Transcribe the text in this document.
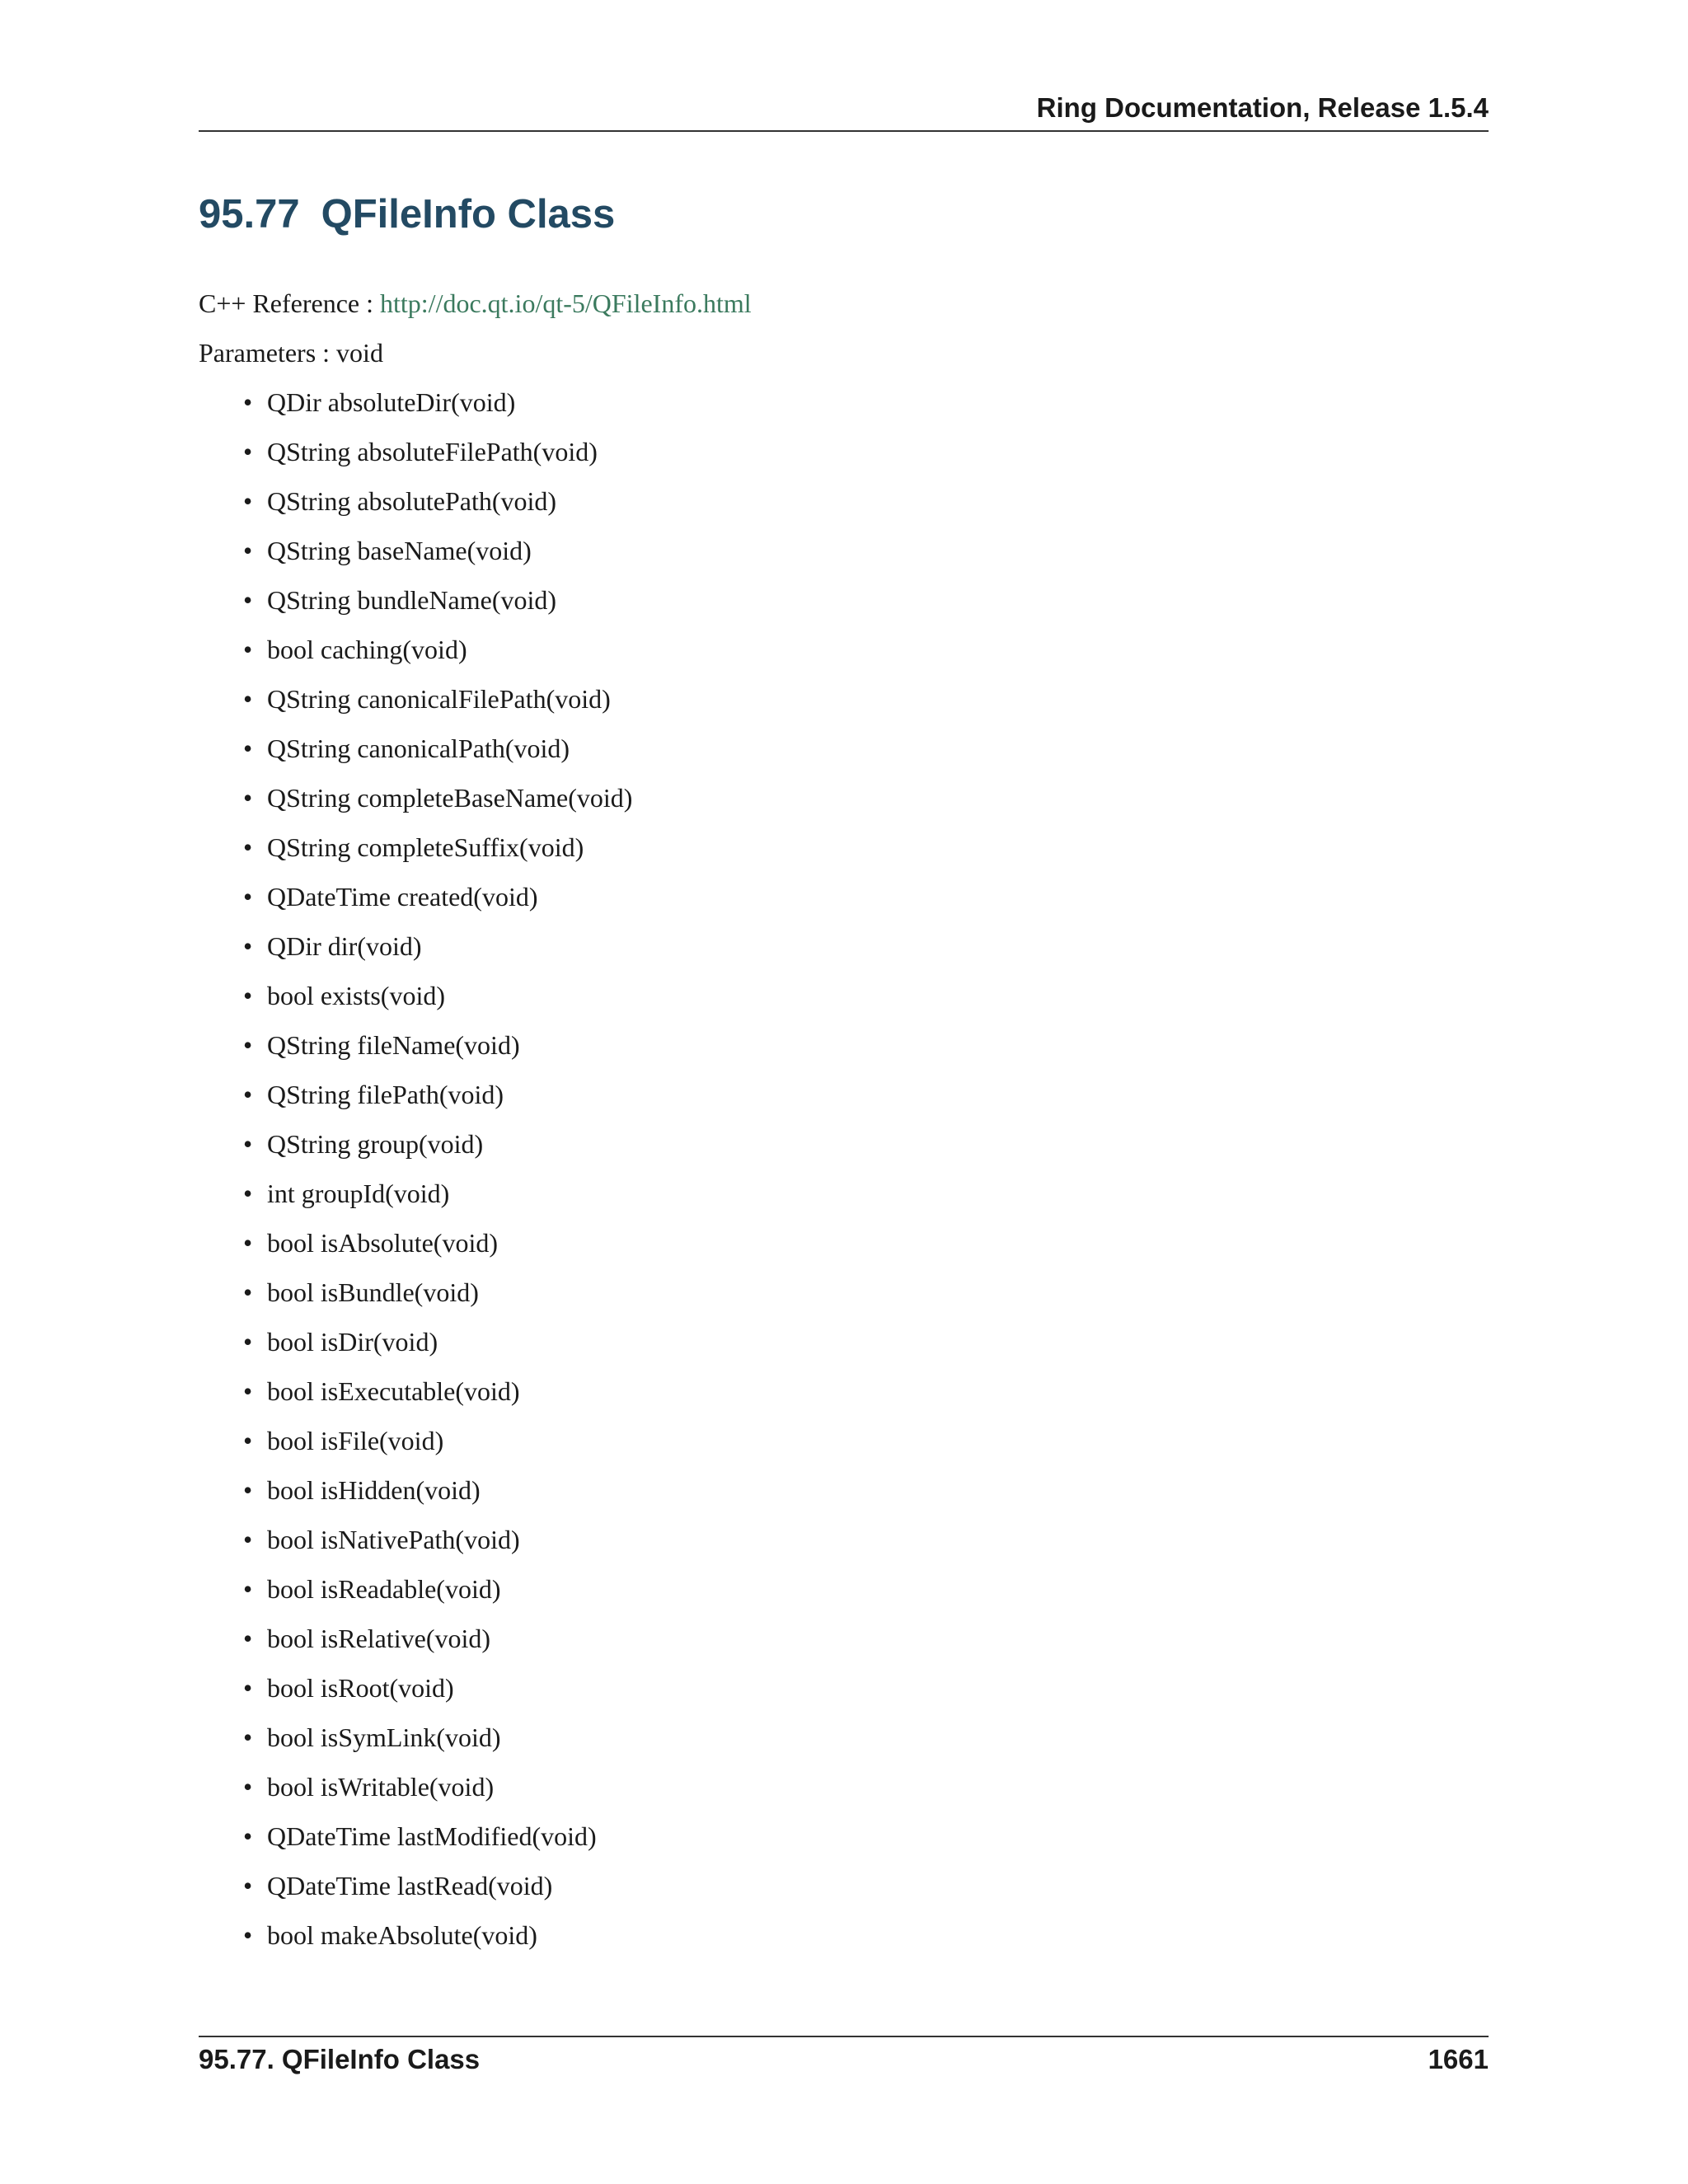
Ring Documentation, Release 1.5.4
95.77 QFileInfo Class
C++ Reference : http://doc.qt.io/qt-5/QFileInfo.html
Parameters : void
• QDir absoluteDir(void)
• QString absoluteFilePath(void)
• QString absolutePath(void)
• QString baseName(void)
• QString bundleName(void)
• bool caching(void)
• QString canonicalFilePath(void)
• QString canonicalPath(void)
• QString completeBaseName(void)
• QString completeSuffix(void)
• QDateTime created(void)
• QDir dir(void)
• bool exists(void)
• QString fileName(void)
• QString filePath(void)
• QString group(void)
• int groupId(void)
• bool isAbsolute(void)
• bool isBundle(void)
• bool isDir(void)
• bool isExecutable(void)
• bool isFile(void)
• bool isHidden(void)
• bool isNativePath(void)
• bool isReadable(void)
• bool isRelative(void)
• bool isRoot(void)
• bool isSymLink(void)
• bool isWritable(void)
• QDateTime lastModified(void)
• QDateTime lastRead(void)
• bool makeAbsolute(void)
95.77. QFileInfo Class	1661
